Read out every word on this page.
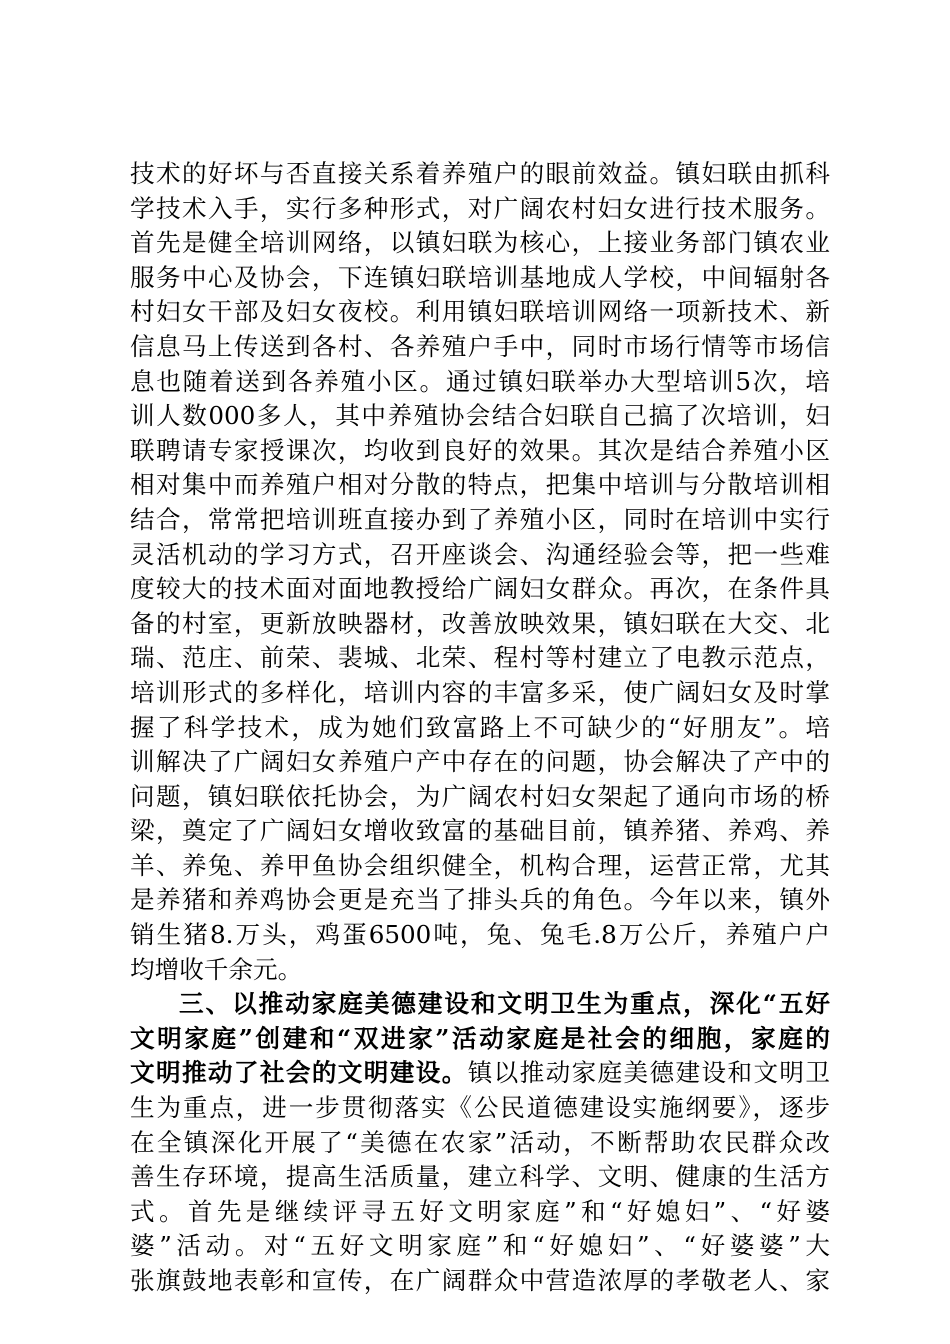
技术的好坏与否直接关系着养殖户的眼前效益。镇妇联由抓科
学技术入手，实行多种形式，对广阔农村妇女进行技术服务。
首先是健全培训网络，以镇妇联为核心，上接业务部门镇农业
服务中心及协会，下连镇妇联培训基地成人学校，中间辐射各
村妇女干部及妇女夜校。利用镇妇联培训网络一项新技术、新
信息马上传送到各村、各养殖户手中，同时市场行情等市场信
息也随着送到各养殖小区。通过镇妇联举办大型培训5次，培
训人数000多人，其中养殖协会结合妇联自己搞了次培训，妇
联聘请专家授课次，均收到良好的效果。其次是结合养殖小区
相对集中而养殖户相对分散的特点，把集中培训与分散培训相
结合，常常把培训班直接办到了养殖小区，同时在培训中实行
灵活机动的学习方式，召开座谈会、沟通经验会等，把一些难
度较大的技术面对面地教授给广阔妇女群众。再次，在条件具
备的村室，更新放映器材，改善放映效果，镇妇联在大交、北
瑞、范庄、前荣、裴城、北荣、程村等村建立了电教示范点，
培训形式的多样化，培训内容的丰富多采，使广阔妇女及时掌
握了科学技术，成为她们致富路上不可缺少的“好朋友”。培
训解决了广阔妇女养殖户产中存在的问题，协会解决了产中的
问题，镇妇联依托协会，为广阔农村妇女架起了通向市场的桥
梁，奠定了广阔妇女增收致富的基础目前，镇养猪、养鸡、养
羊、养兔、养甲鱼协会组织健全，机构合理，运营正常，尤其
是养猪和养鸡协会更是充当了排头兵的角色。今年以来，镇外
销生猪8.万头，鸡蛋6500吨，兔、兔毛.8万公斤，养殖户户
均增收千余元。
三、以推动家庭美德建设和文明卫生为重点，深化“五好
文明家庭”创建和“双进家”活动家庭是社会的细胞，家庭的
文明推动了社会的文明建设。镇以推动家庭美德建设和文明卫
生为重点，进一步贯彻落实《公民道德建设实施纲要》，逐步
在全镇深化开展了“美德在农家”活动，不断帮助农民群众改
善生存环境，提高生活质量，建立科学、文明、健康的生活方
式。首先是继续评寻五好文明家庭”和“好媳妇”、“好婆
婆”活动。对“五好文明家庭”和“好媳妇”、“好婆婆”大
张旗鼓地表彰和宣传，在广阔群众中营造浓厚的孝敬老人、家
